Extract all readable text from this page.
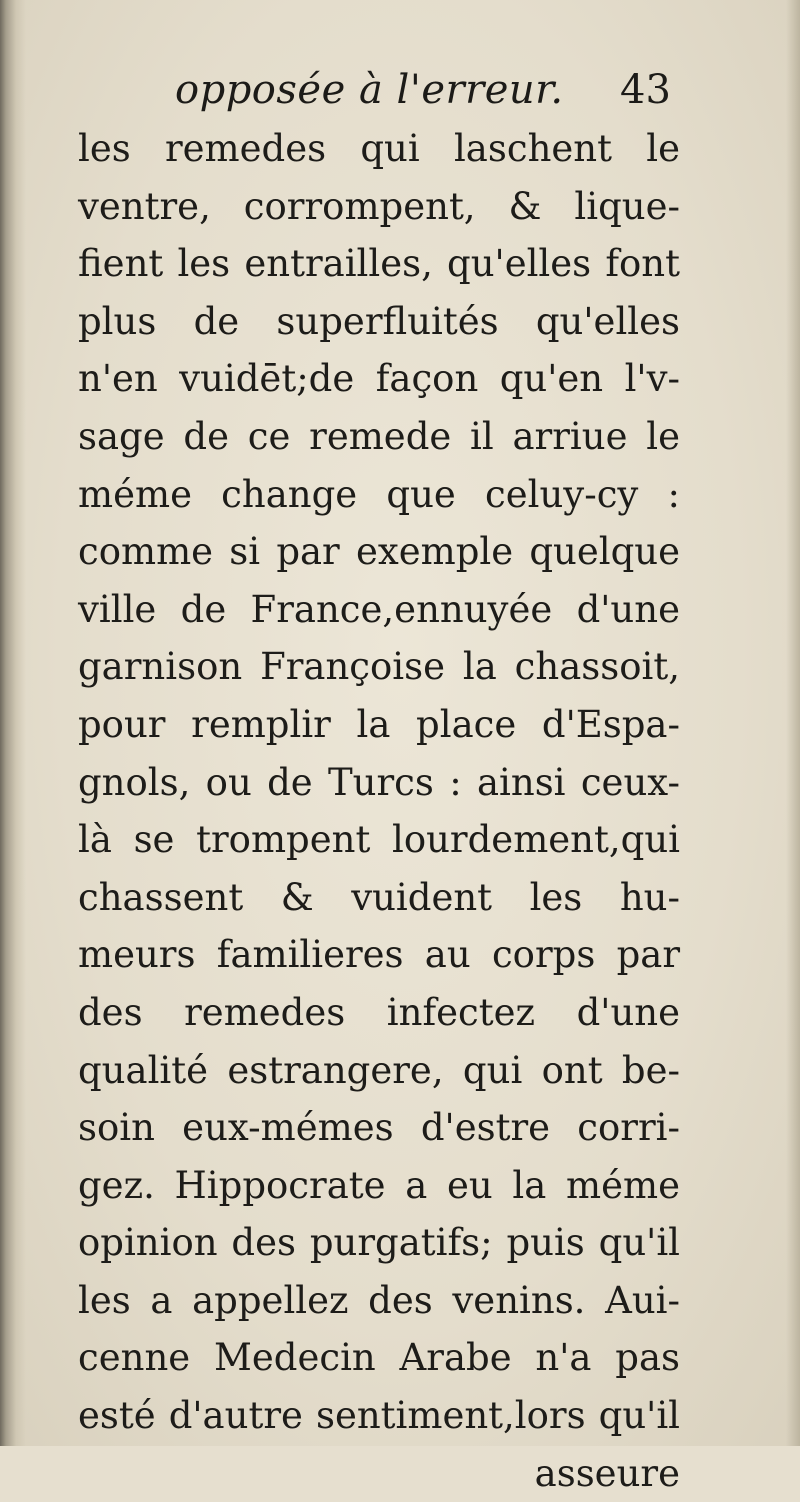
opposée à l'erreur. 43
les remedes qui laschent le
ventre, corrompent, & lique-
fient les entrailles, qu'elles font
plus de superfluités qu'elles
n'en vuidēt;de façon qu'en l'v-
sage de ce remede il arriue le
méme change que celuy-cy :
comme si par exemple quelque
ville de France,ennuyée d'une
garnison Françoise la chassoit,
pour remplir la place d'Espa-
gnols, ou de Turcs : ainsi ceux-
là se trompent lourdement,qui
chassent & vuident les hu-
meurs familieres au corps par
des remedes infectez d'une
qualité estrangere, qui ont be-
soin eux-mémes d'estre corri-
gez. Hippocrate a eu la méme
opinion des purgatifs; puis qu'il
les a appellez des venins. Aui-
cenne Medecin Arabe n'a pas
esté d'autre sentiment,lors qu'il
asseure
